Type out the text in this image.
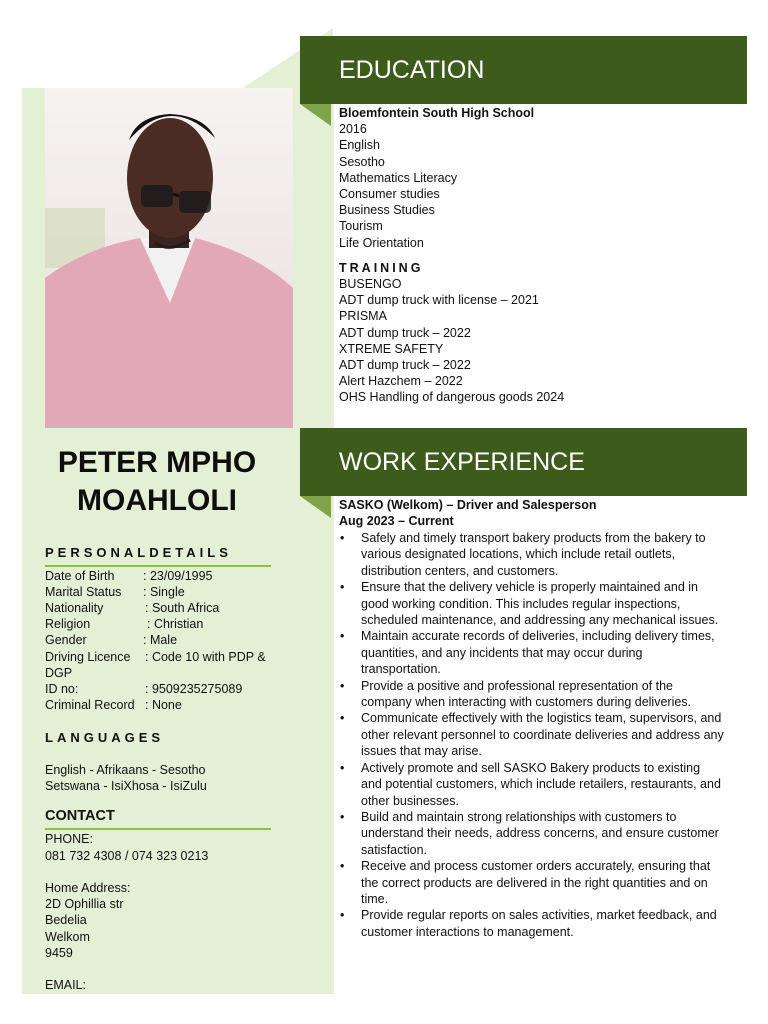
PETER MPHO
MOAHLOLI
PERSONALDETAILS
Date of Birth : 23/09/1995
Marital Status : Single
Nationality	: South Africa
Religion	: Christian
Gender	: Male
Driving Licence : Code 10 with PDP &
DGP
ID no:	: 9509235275089
Criminal Record : None
LANGUAGES
English - Afrikaans - Sesotho
Setswana - IsiXhosa - IsiZulu
CONTACT
PHONE:
081 732 4308 / 074 323 0213
Home Address:
2D Ophillia str
Bedelia
Welkom
9459
EMAIL:
EDUCATION
Bloemfontein South High School
2016
English
Sesotho
Mathematics Literacy
Consumer studies
Business Studies
Tourism
Life Orientation
TRAINING
BUSENGO
ADT dump truck with license – 2021
PRISMA
ADT dump truck – 2022
XTREME SAFETY
ADT dump truck – 2022
Alert Hazchem – 2022
OHS Handling of dangerous goods 2024
WORK EXPERIENCE
SASKO (Welkom) – Driver and Salesperson
Aug 2023 – Current
• Safely and timely transport bakery products from the bakery to various designated locations, which include retail outlets, distribution centers, and customers.
• Ensure that the delivery vehicle is properly maintained and in good working condition. This includes regular inspections, scheduled maintenance, and addressing any mechanical issues.
• Maintain accurate records of deliveries, including delivery times, quantities, and any incidents that may occur during transportation.
• Provide a positive and professional representation of the company when interacting with customers during deliveries.
• Communicate effectively with the logistics team, supervisors, and other relevant personnel to coordinate deliveries and address any issues that may arise.
• Actively promote and sell SASKO Bakery products to existing and potential customers, which include retailers, restaurants, and other businesses.
• Build and maintain strong relationships with customers to understand their needs, address concerns, and ensure customer satisfaction.
• Receive and process customer orders accurately, ensuring that the correct products are delivered in the right quantities and on time.
• Provide regular reports on sales activities, market feedback, and customer interactions to management.
